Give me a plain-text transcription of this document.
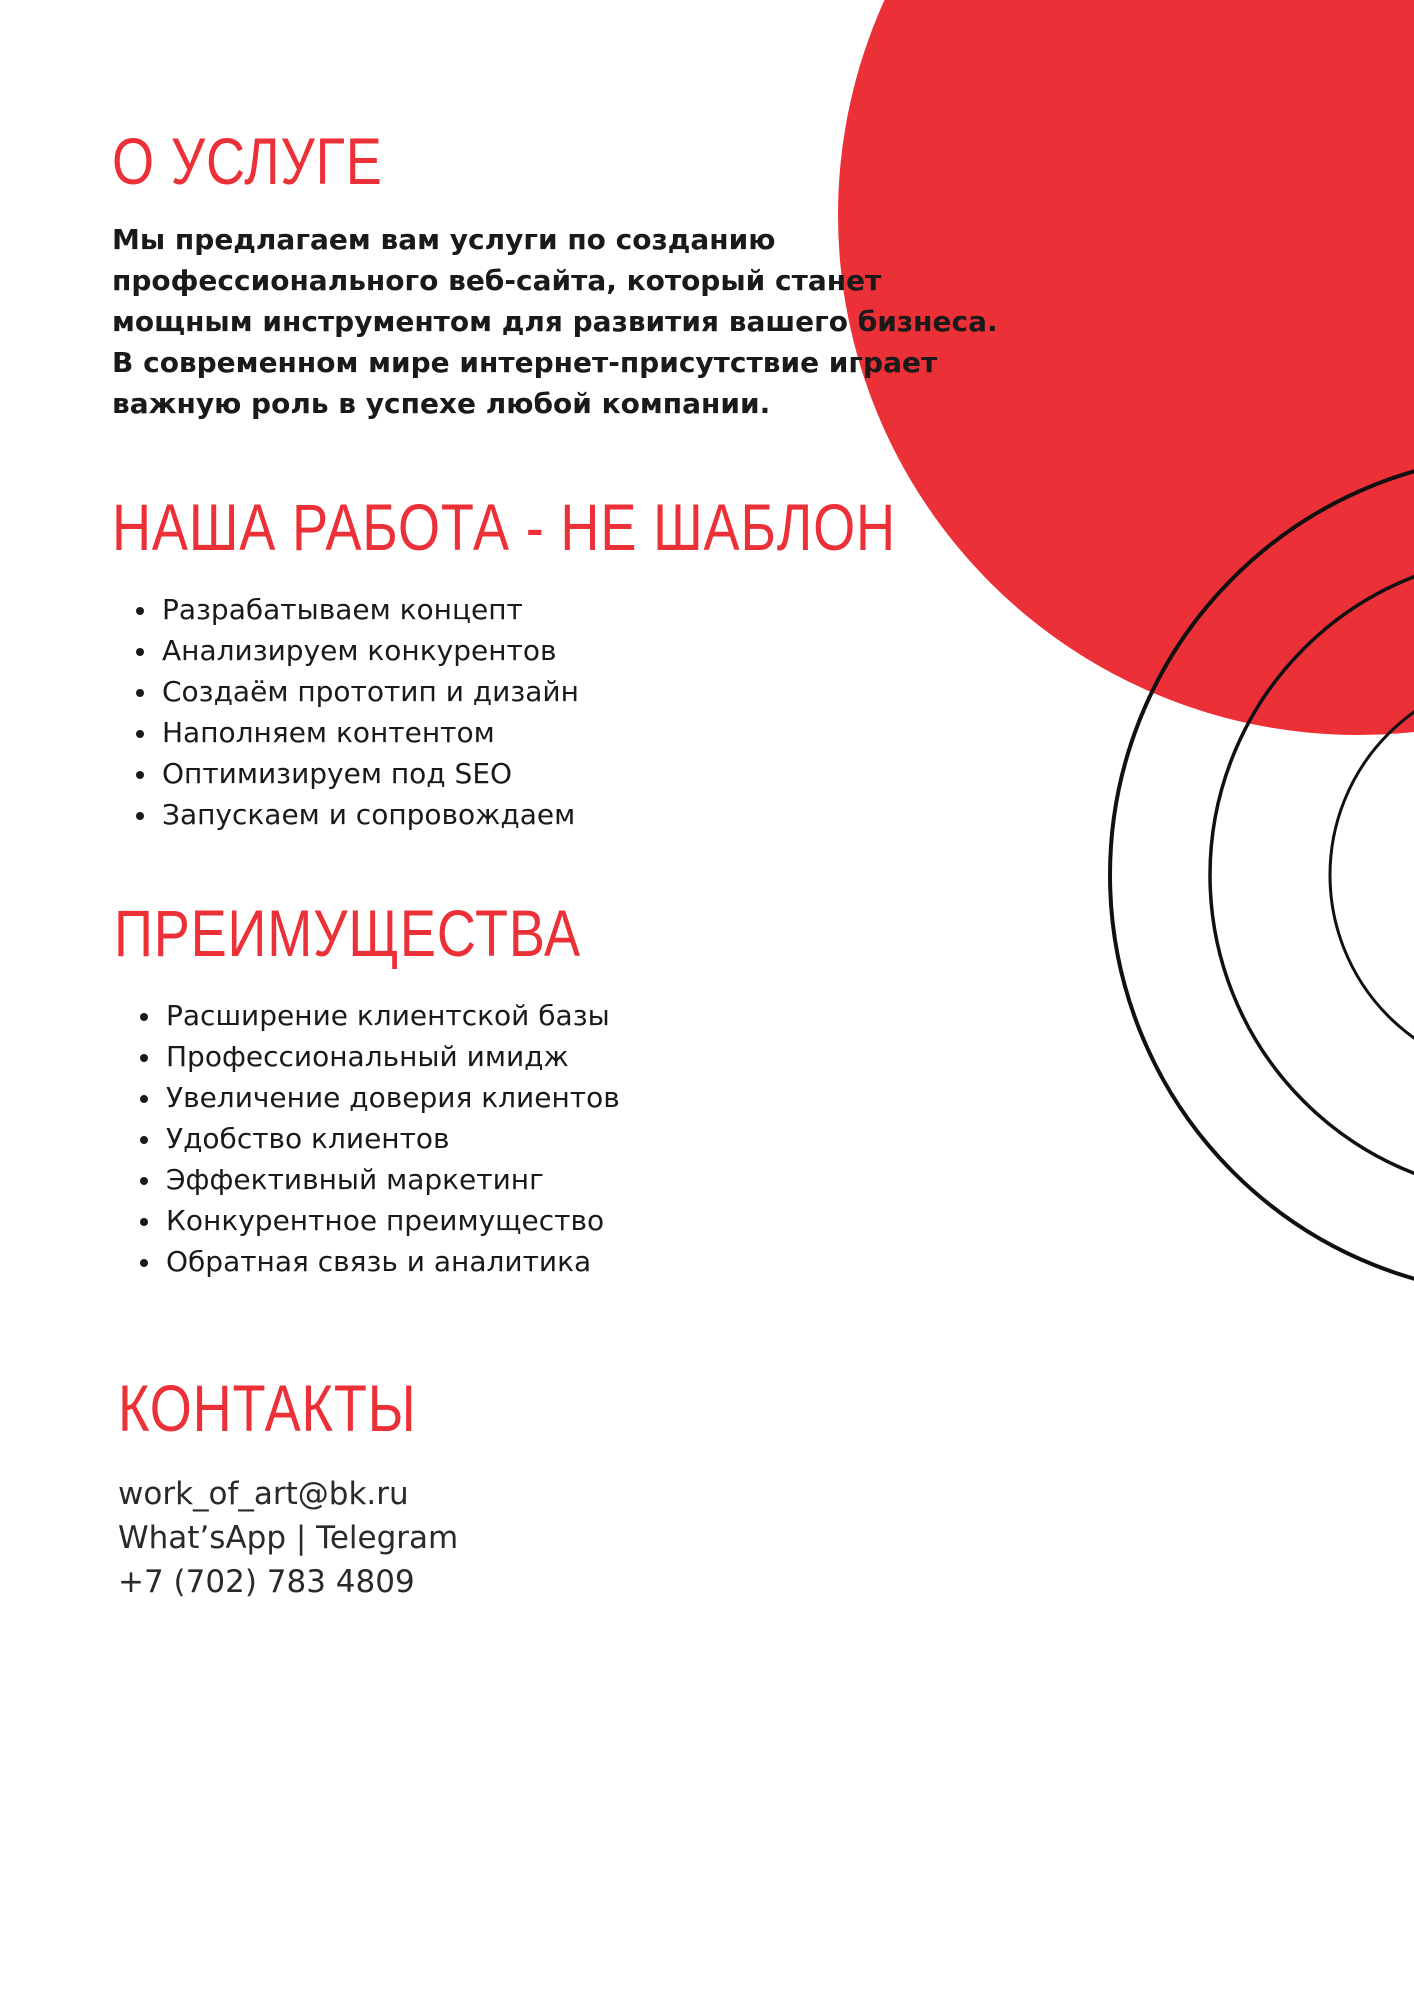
О УСЛУГЕ

Мы предлагаем вам услуги по созданию
профессионального веб-сайта, который станет
мощным инструментом для развития вашего бизнеса.
В современном мире интернет-присутствие играет
важную роль в успехе любой компании.

НАША РАБОТА - НЕ ШАБЛОН
Разрабатываем концепт
Анализируем конкурентов
Создаём прототип и дизайн
Наполняем контентом
Оптимизируем под SEO
Запускаем и сопровождаем
ПРЕИМУЩЕСТВА
Расширение клиентской базы
Профессиональный имидж
Увеличение доверия клиентов
Удобство клиентов
Эффективный маркетинг
Конкурентное преимущество
Обратная связь и аналитика
КОНТАКТЫ
work_of_art@bk.ru
What’sApp | Telegram
+7 (702) 783 4809
